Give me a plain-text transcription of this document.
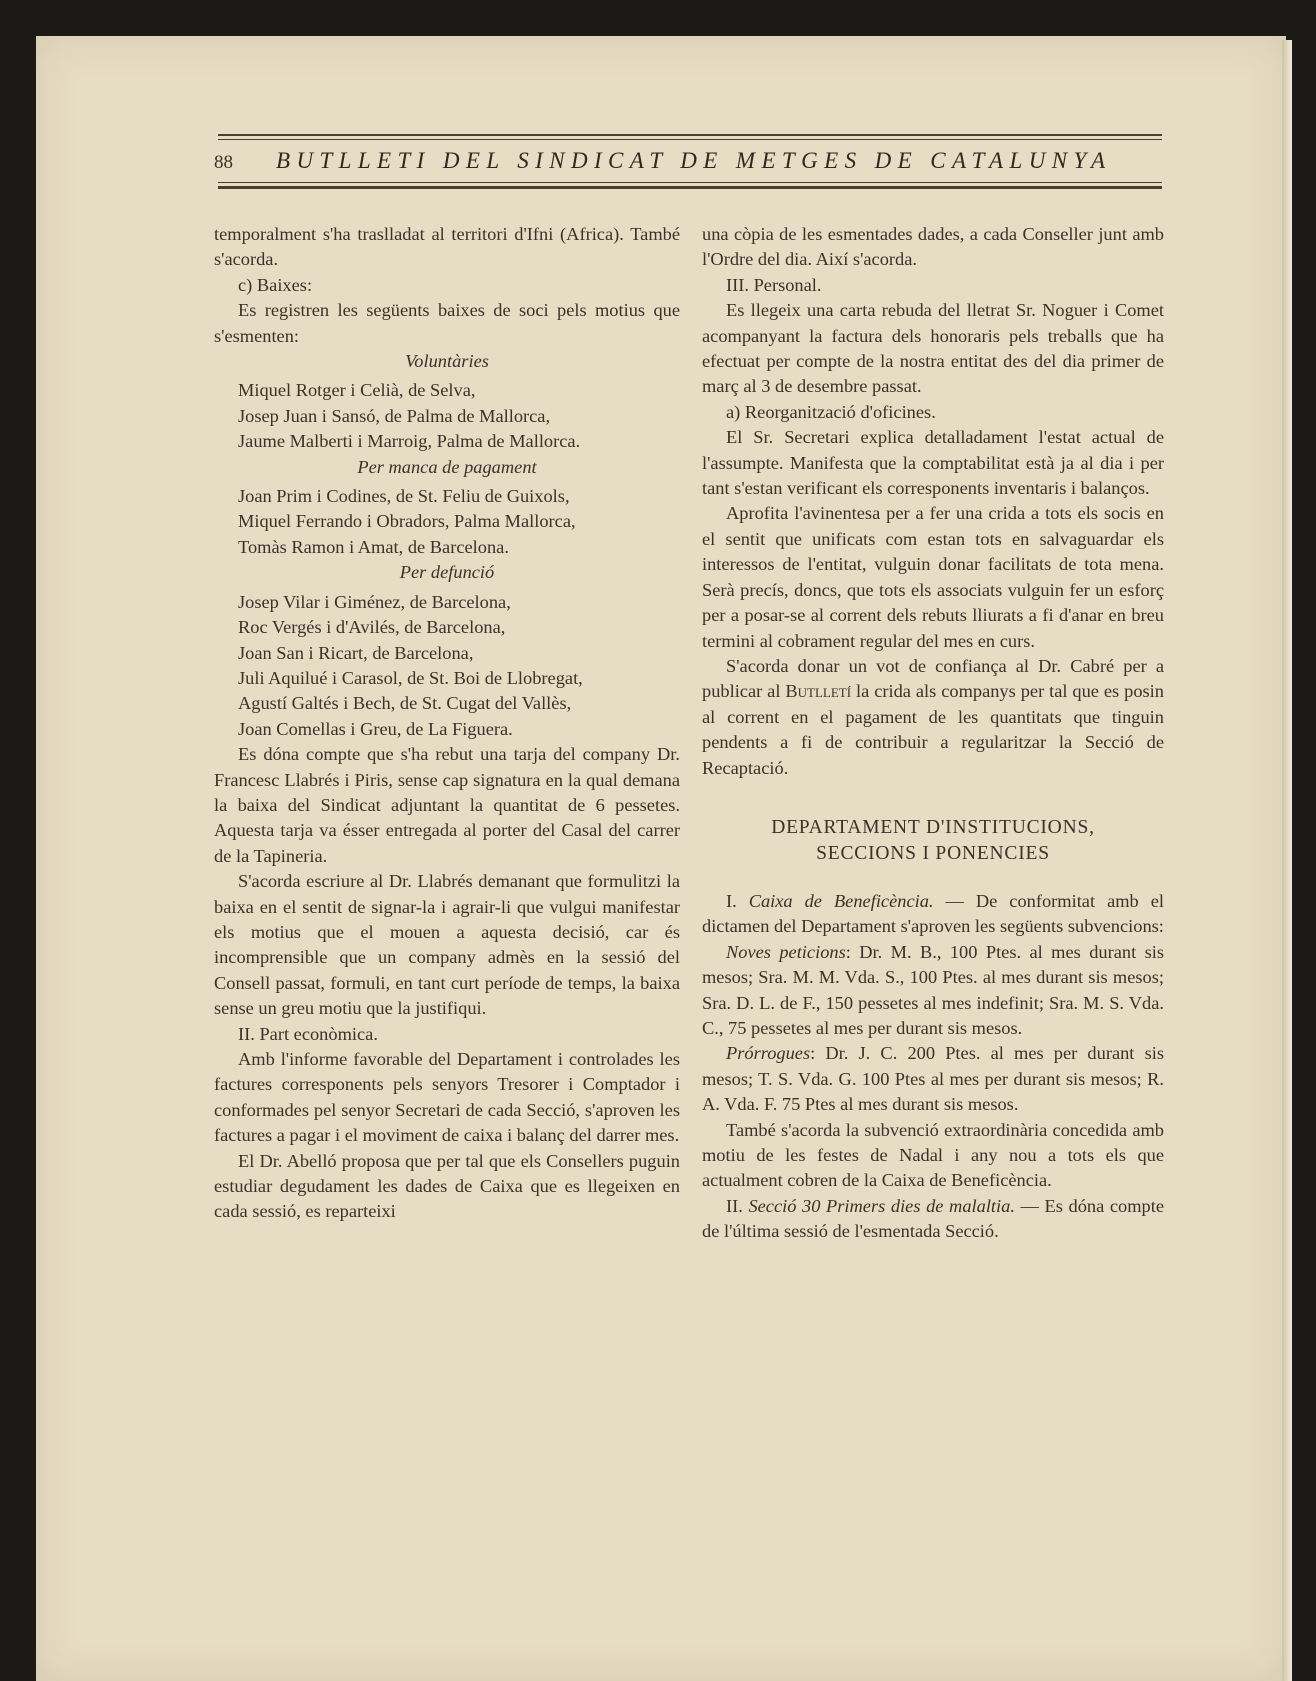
88 BUTLLETI DEL SINDICAT DE METGES DE CATALUNYA

temporalment s'ha traslladat al territori d'Ifni (Africa). També s'acorda.

c) Baixes:

Es registren les següents baixes de soci pels motius que s'esmenten:

Voluntàries

Miquel Rotger i Celià, de Selva,

Josep Juan i Sansó, de Palma de Mallorca,

Jaume Malberti i Marroig, Palma de Mallorca.

Per manca de pagament

Joan Prim i Codines, de St. Feliu de Guixols,

Miquel Ferrando i Obradors, Palma Mallorca,

Tomàs Ramon i Amat, de Barcelona.

Per defunció

Josep Vilar i Giménez, de Barcelona,

Roc Vergés i d'Avilés, de Barcelona,

Joan San i Ricart, de Barcelona,

Juli Aquilué i Carasol, de St. Boi de Llobregat,

Agustí Galtés i Bech, de St. Cugat del Vallès,

Joan Comellas i Greu, de La Figuera.

Es dóna compte que s'ha rebut una tarja del company Dr. Francesc Llabrés i Piris, sense cap signatura en la qual demana la baixa del Sindicat adjuntant la quantitat de 6 pessetes. Aquesta tarja va ésser entregada al porter del Casal del carrer de la Tapineria.

S'acorda escriure al Dr. Llabrés demanant que formulitzi la baixa en el sentit de signar-la i agrair-li que vulgui manifestar els motius que el mouen a aquesta decisió, car és incomprensible que un company admès en la sessió del Consell passat, formuli, en tant curt període de temps, la baixa sense un greu motiu que la justifiqui.

II. Part econòmica.

Amb l'informe favorable del Departament i controlades les factures corresponents pels senyors Tresorer i Comptador i conformades pel senyor Secretari de cada Secció, s'aproven les factures a pagar i el moviment de caixa i balanç del darrer mes.

El Dr. Abelló proposa que per tal que els Consellers puguin estudiar degudament les dades de Caixa que es llegeixen en cada sessió, es reparteixi

una còpia de les esmentades dades, a cada Conseller junt amb l'Ordre del dia. Així s'acorda.

III. Personal.

Es llegeix una carta rebuda del lletrat Sr. Noguer i Comet acompanyant la factura dels honoraris pels treballs que ha efectuat per compte de la nostra entitat des del dia primer de març al 3 de desembre passat.

a) Reorganització d'oficines.

El Sr. Secretari explica detalladament l'estat actual de l'assumpte. Manifesta que la comptabilitat està ja al dia i per tant s'estan verificant els corresponents inventaris i balanços.

Aprofita l'avinentesa per a fer una crida a tots els socis en el sentit que unificats com estan tots en salvaguardar els interessos de l'entitat, vulguin donar facilitats de tota mena. Serà precís, doncs, que tots els associats vulguin fer un esforç per a posar-se al corrent dels rebuts lliurats a fi d'anar en breu termini al cobrament regular del mes en curs.

S'acorda donar un vot de confiança al Dr. Cabré per a publicar al Butlletí la crida als companys per tal que es posin al corrent en el pagament de les quantitats que tinguin pendents a fi de contribuir a regularitzar la Secció de Recaptació.

DEPARTAMENT D'INSTITUCIONS,
SECCIONS I PONENCIES

I. Caixa de Beneficència. — De conformitat amb el dictamen del Departament s'aproven les següents subvencions:

Noves peticions: Dr. M. B., 100 Ptes. al mes durant sis mesos; Sra. M. M. Vda. S., 100 Ptes. al mes durant sis mesos; Sra. D. L. de F., 150 pessetes al mes indefinit; Sra. M. S. Vda. C., 75 pessetes al mes per durant sis mesos.

Prórrogues: Dr. J. C. 200 Ptes. al mes per durant sis mesos; T. S. Vda. G. 100 Ptes al mes per durant sis mesos; R. A. Vda. F. 75 Ptes al mes durant sis mesos.

També s'acorda la subvenció extraordinària concedida amb motiu de les festes de Nadal i any nou a tots els que actualment cobren de la Caixa de Beneficència.

II. Secció 30 Primers dies de malaltia. — Es dóna compte de l'última sessió de l'esmentada Secció.
